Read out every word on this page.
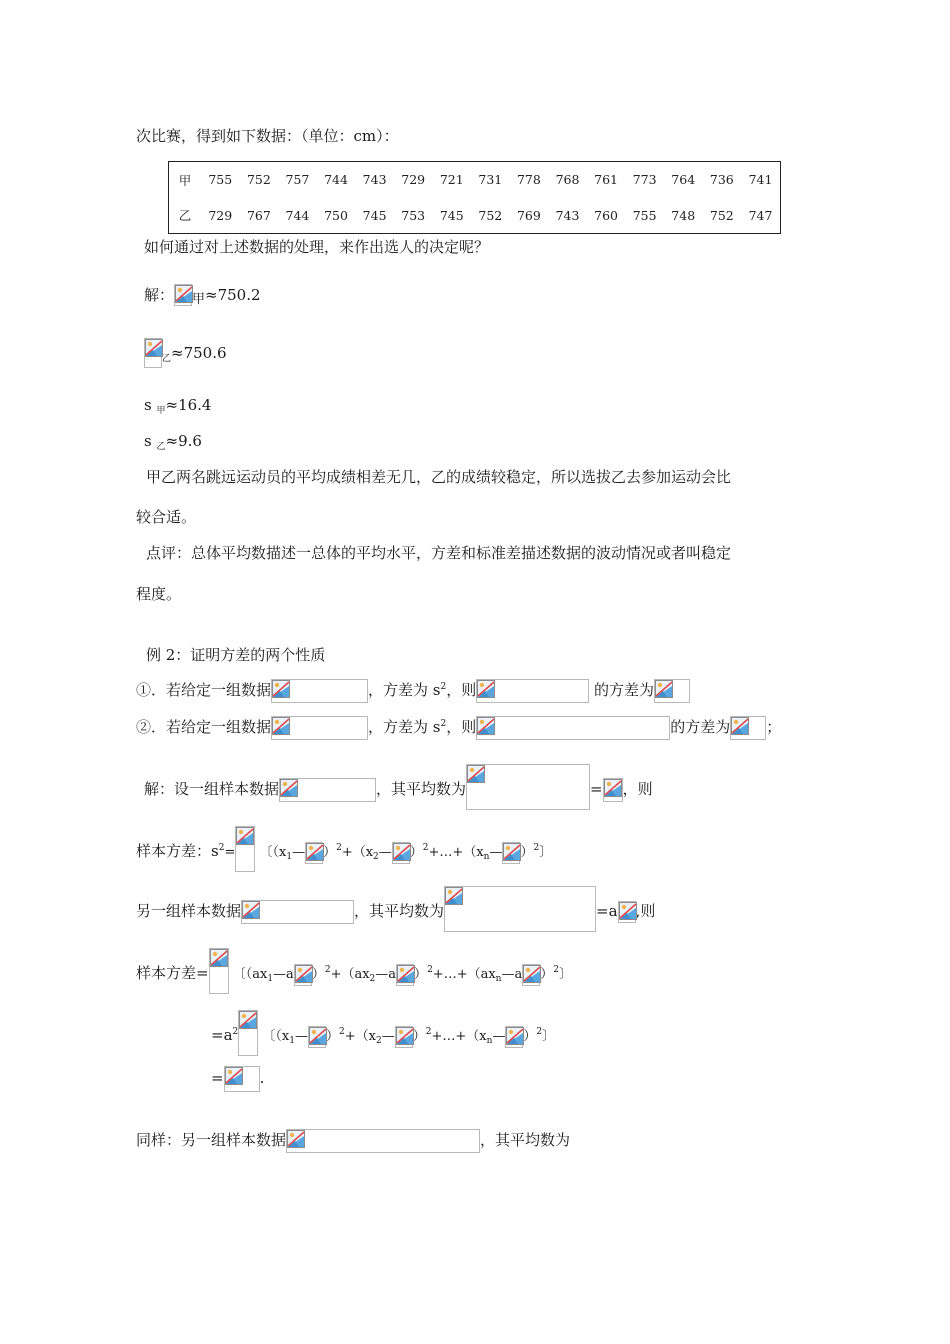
次比赛，得到如下数据：（单位：cm）：
甲	755	752	757	744	743	729	721	731	778	768	761	773	764	736	741
乙	729	767	744	750	745	753	745	752	769	743	760	755	748	752	747
如何通过对上述数据的处理，来作出选人的决定呢？
解： 甲≈750.2
$_乙$≈750.6
s $_甲$≈16.4
s $_乙$≈9.6
甲乙两名跳远运动员的平均成绩相差无几，乙的成绩较稳定，所以选拔乙去参加运动会比
较合适。
点评：总体平均数描述一总体的平均水平，方差和标准差描述数据的波动情况或者叫稳定
程度。
例 2：证明方差的两个性质
①．若给定一组数据	，方差为 $s^2$，则	的方差为
②．若给定一组数据	，方差为 $s^2$，则	的方差为 ；
解：设一组样本数据	，其平均数为	= ，则
样本方差：$s^2=$ 〔（$x_1—$ ）$^2+(x_2—$ ）$^2+\dots+(x_n—$ ）$^2$〕
另一组样本数据	，其平均数为	=a ,则
样本方差= 〔（$ax_1—a$ ）$^2+(ax_2—a$ ）$^2+\dots+(ax_n—a$ ）$^2$〕
$=a^2$ 〔（$x_1—$ ）$^2+(x_2—$ ）$^2+\dots+(x_n—$ ）$^2$〕
= .
同样：另一组样本数据	，其平均数为
